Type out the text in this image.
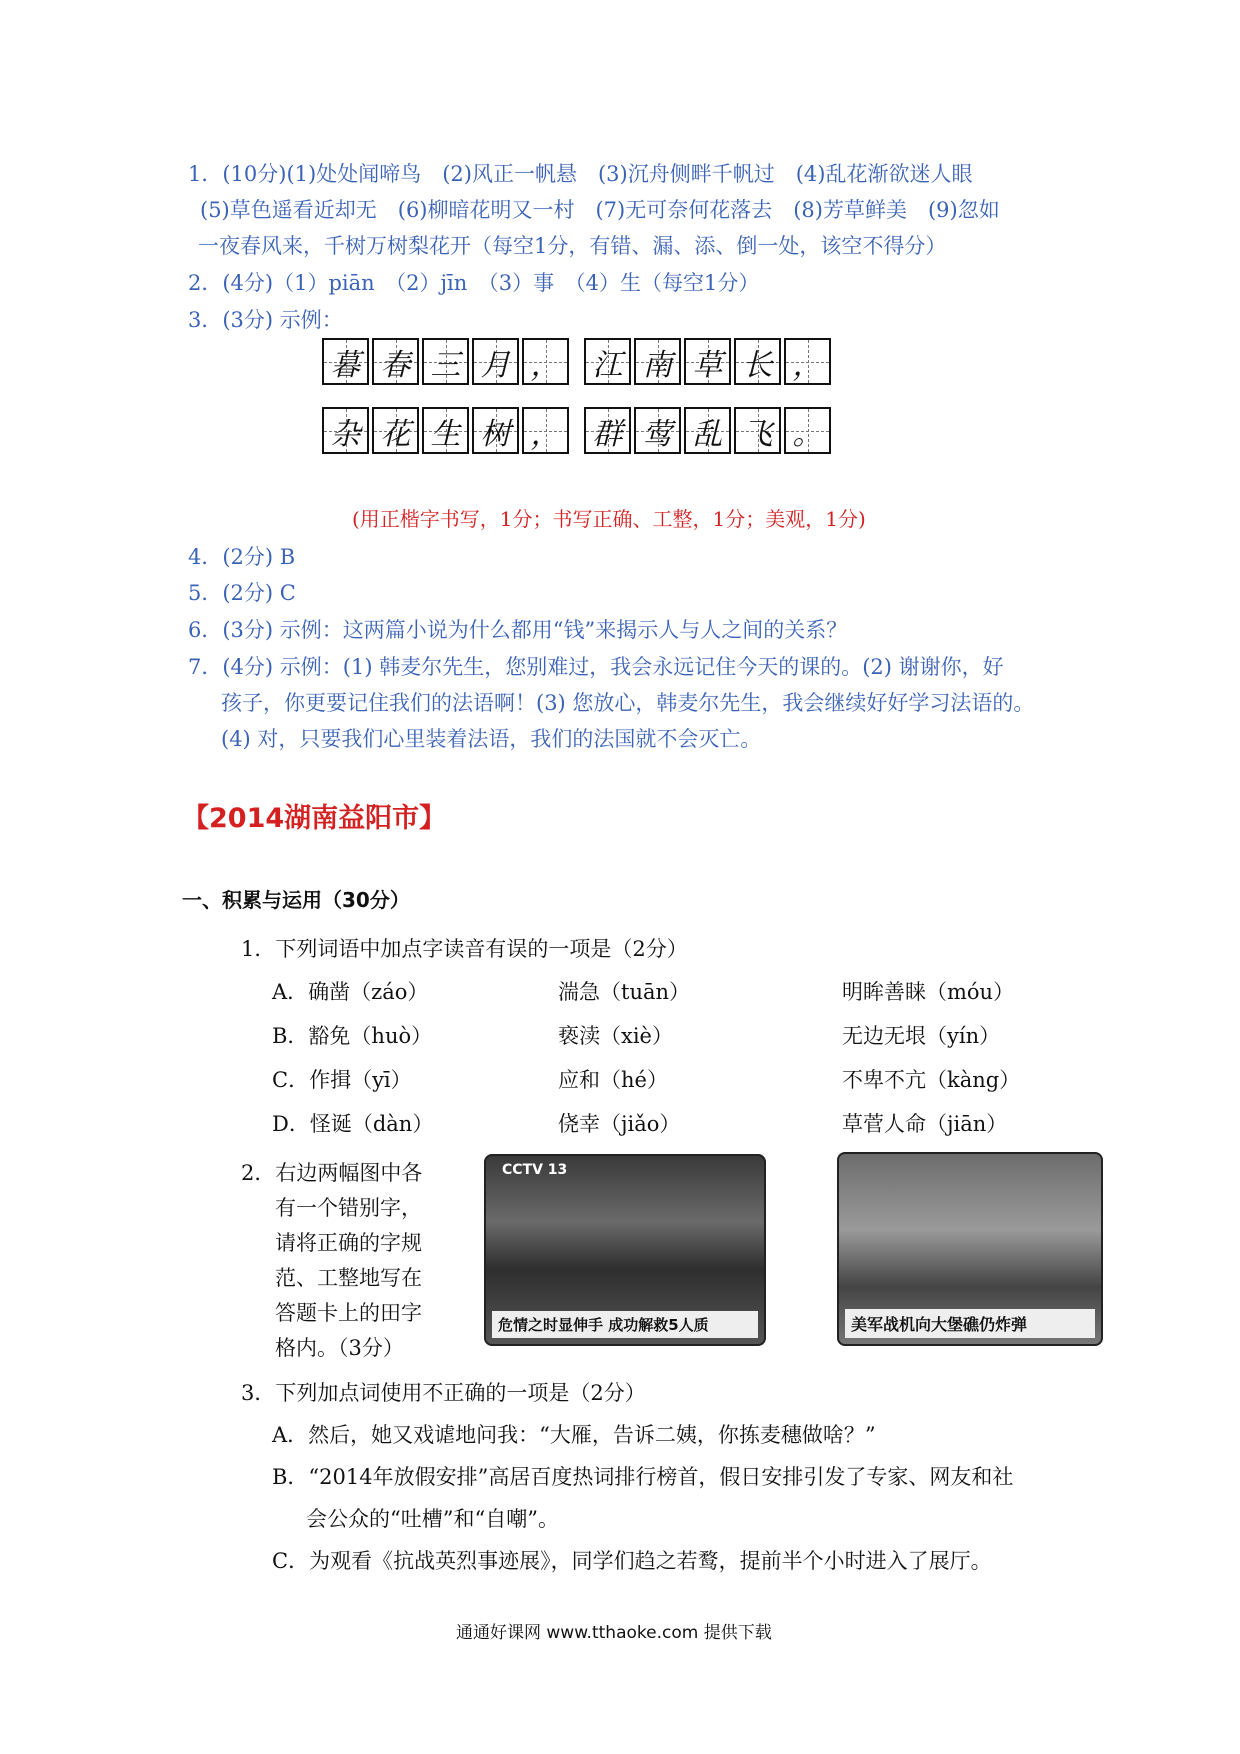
1．(10分)(1)处处闻啼鸟　(2)风正一帆悬　(3)沉舟侧畔千帆过　(4)乱花渐欲迷人眼
(5)草色遥看近却无　(6)柳暗花明又一村　(7)无可奈何花落去　(8)芳草鲜美　(9)忽如
一夜春风来，千树万树梨花开（每空1分，有错、漏、添、倒一处，该空不得分）
2．(4分)（1）piān　（2）jīn　（3）事　（4）生（每空1分）
3．(3分) 示例：
暮 春 三 月 ， 江 南 草 长 ，
杂 花 生 树 ， 群 莺 乱 飞 。
(用正楷字书写，1分；书写正确、工整，1分；美观，1分)
4．(2分) B
5．(2分) C
6．(3分) 示例：这两篇小说为什么都用“钱”来揭示人与人之间的关系？
7．(4分) 示例：(1) 韩麦尔先生，您别难过，我会永远记住今天的课的。(2) 谢谢你，好
孩子，你更要记住我们的法语啊！(3) 您放心，韩麦尔先生，我会继续好好学习法语的。
(4) 对，只要我们心里装着法语，我们的法国就不会灭亡。
【2014湖南益阳市】
一、积累与运用（30分）
1．下列词语中加点字读音有误的一项是（2分）
A．确凿（záo）	湍急（tuān）	明眸善睐（móu）
B．豁免（huò）	亵渎（xiè）	无边无垠（yín）
C．作揖（yī）	应和（hé）	不卑不亢（kàng）
D．怪诞（dàn）	侥幸（jiǎo）	草菅人命（jiān）
2．右边两幅图中各
有一个错别字，
请将正确的字规
范、工整地写在
答题卡上的田字
格内。（3分）
CCTV 13
危情之时显伸手 成功解救5人质	美军战机向大堡礁仍炸弹
3．下列加点词使用不正确的一项是（2分）
A．然后，她又戏谑地问我：“大雁，告诉二姨，你拣麦穗做啥？”
B．“2014年放假安排”高居百度热词排行榜首，假日安排引发了专家、网友和社
会公众的“吐槽”和“自嘲”。
C．为观看《抗战英烈事迹展》，同学们趋之若鹜，提前半个小时进入了展厅。
通通好课网 www.tthaoke.com 提供下载
